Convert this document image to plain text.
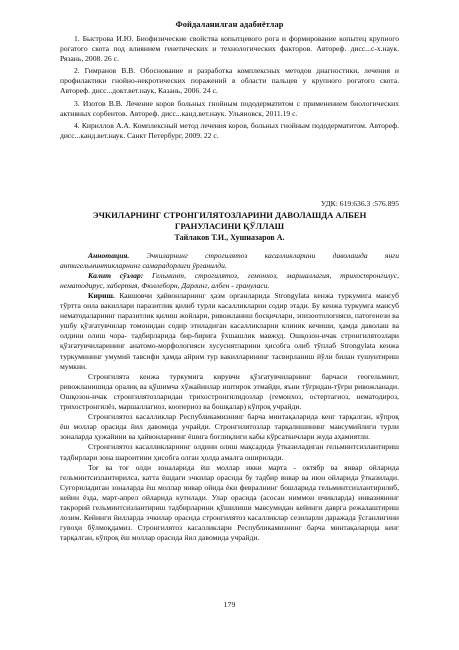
Фойдаланилган адабиётлар

1. Быстрова И.Ю. Биофизические свойства копытцевого рога и формирование копытец крупного рогатого скота под влиянием генетических и технологических факторов. Автореф. дисс...с-х.наук. Рязань, 2008. 26 с.

2. Гимранов В.В. Обоснование и разработка комплексных методов диагностики, лечения и профилактики гнойно-некротических поражений в области пальцев у крупного рогатого скота. Автореф. дисс...докт.вет.наук, Казань, 2006. 24 с.

3. Изотов В.В. Лечение коров больных гнойным пододерматитом с применением биологических активных сорбентов. Автореф. дисс...канд.вет.наук. Ульяновск, 2011.19 с.

4. Кириллов А.А. Комплексный метод лечения коров, больных гнойным пододерматитом. Автореф. дисс...канд.вет.наук. Санкт Петербург, 2009. 22 с.

УДК: 619:636.3 :576.895
ЭЧКИЛАРНИНГ СТРОНГИЛЯТОЗЛАРИНИ ДАВОЛАШДА АЛБЕН ГРАНУЛАСИНИ ҚЎЛЛАШ
Тайлаков Т.И., Хушназаров А.

Аннотация. Эчкиларнинг строгилятоз касалликларини даволашда янги антигельминтикларнинг самарадорлиги ўрганилди.

Калит сўзлар: Гельминт, строгилятоз, гемонхоз, маршаллагия, трихостронгилус, нематодирус, хабертия, Фюллеборн, Дарлинг, албен - гранулаcи.

Кириш. Кавшовчи ҳайвонларнинг ҳазм органларида Strongylata кенжа туркумига мансуб тўртта оила вакиллари паразитлик қилиб турли касалликларни содир этади. Бу кенжа туркумга мансуб нематодаларнинг паразитлик қилиш жойлари, ривожланиш босқичлари, эпизоотологияси, патогенези ва ушбу қўзғатувчилар томонидан содир этиладиган касалликларни клиник кечиши, ҳамда даволаш ва олдини олиш чора- тадбирларида бир-бирига ўхшашлик мавжуд. Ошқозон-ичак стронгилятозлари қўзғатувчиларининг анатомо-морфологияси хусусиятларини ҳисобга олиб тўплаб Strongylata кенжа туркумининг умумий тавсифи ҳамда айрим тур вакилларининг тасвирланиш йўли билан тушунтириш мумкин.

Стронгилята кенжа туркумига кирувчи қўзғатувчиларнинг барчаси геогельминт, ривожланишида оралиқ ва қўшимча хўжайинлар иштирок этмайди, яъни тўғридан-тўғри ривожланади. Ошқозон-ичак стронгилятозларидан трихостронгилидозлар (гемонхоз, остертагиоз, нематодироз, трихостронгилёз, маршаллагиоз, коопериоз ва бошқалар) кўпроқ учрайди.

Стронгилятоз касалликлар Республикамизнинг барча минтақаларида кенг тарқалган, кўпроқ ёш моллар орасида йил давомида учрайди. Стронгилятозлар тарқалишининг мавсумийлиги турли зоналарда ҳужайини ва ҳайвонларнинг ёшига боғлиқлиги кабы кўрсаткичлари жуда аҳамиятли.

Стронгилятоз касалликларнинг олдини олиш мақсадида ўтказиладиган гельминтсизлантириш тадбирлари зона шароитини ҳисобга олган ҳолда амалга оширилади.

Тоғ ва тоғ олди зоналарида ёш моллар икки марта - октябр ва январ ойларида гельминтсизлантирилса, катта ёшдаги эчкилар орасида бу тадбир январ ва июн ойларида ўтказилади. Суғориладиган зоналарда ёш моллар январ ойида ёки февралнинг бошларида гельминтсизлантирилиб, кейин ёзда, март-апрел ойларида кутилади. Улар орасида (асосан ниммон ичиклардa) инвазиянинг такрорий гельминтсизлантириш тадбирларини қўшилиши мавсумидан кейинги даврга режалаштириш лозим. Кейинги йилларда эчкилар орасида стронгилятоз касалликлар сезиларли даражада ўсганлигини гувоҳи бўлмоқдамиз. Стронгилятоз касалликлари Республикамизнинг барча минтақаларида кенг тарқалган, кўпроқ ёш моллар орасида йил давомида учрайди.

179
